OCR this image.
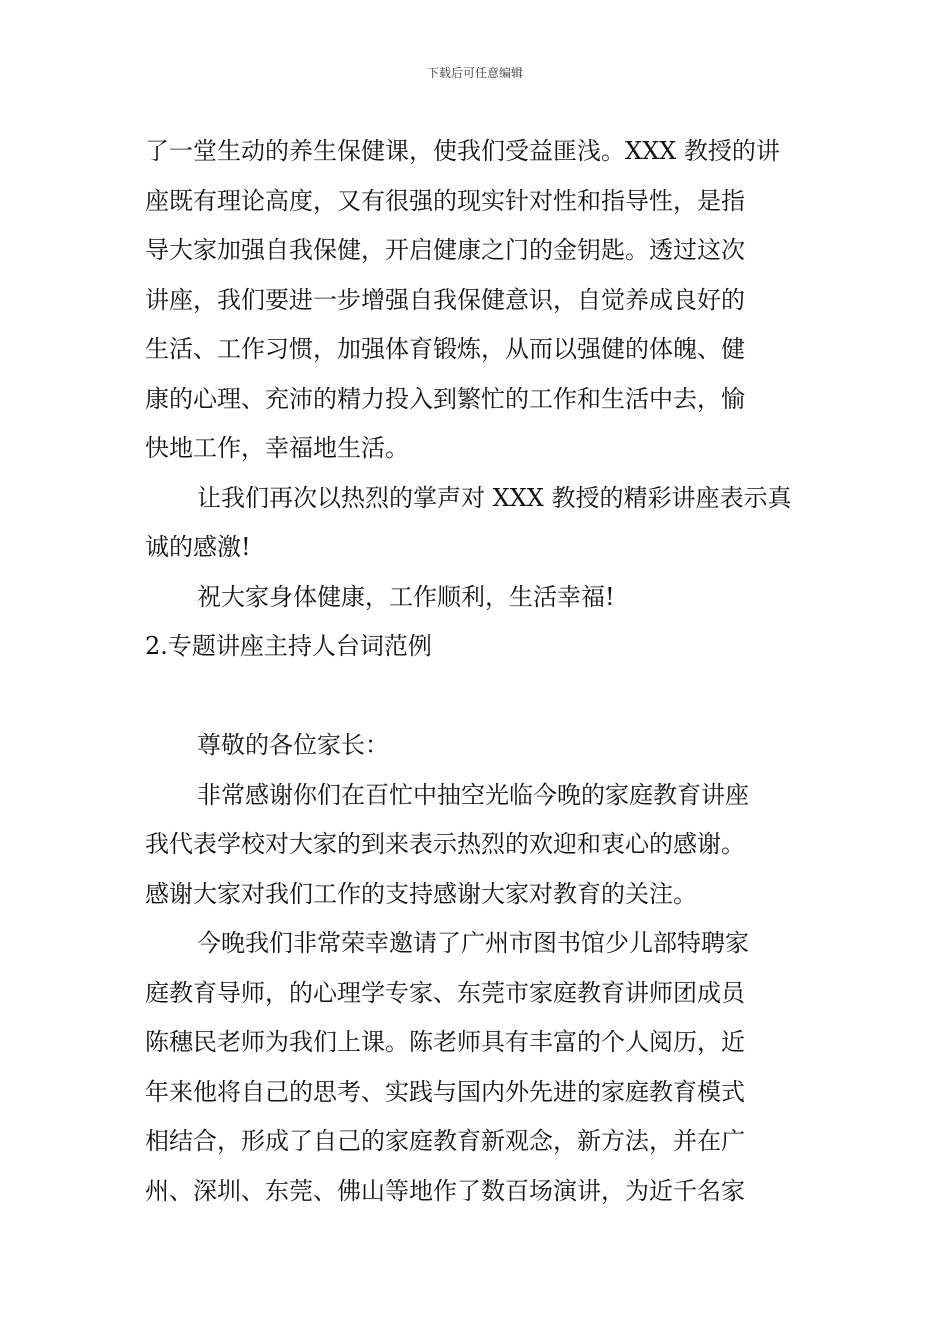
下载后可任意编辑
了一堂生动的养生保健课，使我们受益匪浅。XXX 教授的讲
座既有理论高度，又有很强的现实针对性和指导性，是指
导大家加强自我保健，开启健康之门的金钥匙。透过这次
讲座，我们要进一步增强自我保健意识，自觉养成良好的
生活、工作习惯，加强体育锻炼，从而以强健的体魄、健
康的心理、充沛的精力投入到繁忙的工作和生活中去，愉
快地工作，幸福地生活。
让我们再次以热烈的掌声对 XXX 教授的精彩讲座表示真
诚的感激!
祝大家身体健康，工作顺利，生活幸福!
2.专题讲座主持人台词范例
尊敬的各位家长：
非常感谢你们在百忙中抽空光临今晚的家庭教育讲座
我代表学校对大家的到来表示热烈的欢迎和衷心的感谢。
感谢大家对我们工作的支持感谢大家对教育的关注。
今晚我们非常荣幸邀请了广州市图书馆少儿部特聘家
庭教育导师，的心理学专家、东莞市家庭教育讲师团成员
陈穗民老师为我们上课。陈老师具有丰富的个人阅历，近
年来他将自己的思考、实践与国内外先进的家庭教育模式
相结合，形成了自己的家庭教育新观念，新方法，并在广
州、深圳、东莞、佛山等地作了数百场演讲，为近千名家
